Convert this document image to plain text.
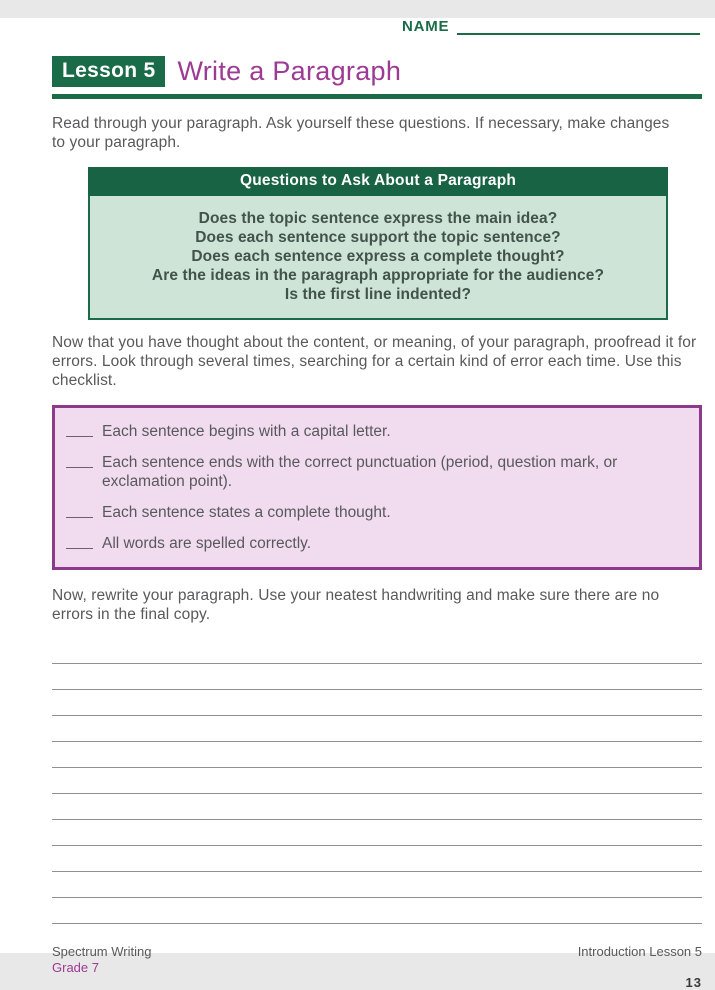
NAME
Lesson 5 Write a Paragraph

Read through your paragraph. Ask yourself these questions. If necessary, make changes to your paragraph.

Questions to Ask About a Paragraph
Does the topic sentence express the main idea?
Does each sentence support the topic sentence?
Does each sentence express a complete thought?
Are the ideas in the paragraph appropriate for the audience?
Is the first line indented?

Now that you have thought about the content, or meaning, of your paragraph, proofread it for errors. Look through several times, searching for a certain kind of error each time. Use this checklist.

Each sentence begins with a capital letter.
Each sentence ends with the correct punctuation (period, question mark, or exclamation point).
Each sentence states a complete thought.
All words are spelled correctly.

Now, rewrite your paragraph. Use your neatest handwriting and make sure there are no errors in the final copy.

Spectrum Writing
Grade 7
Introduction Lesson 5
13
